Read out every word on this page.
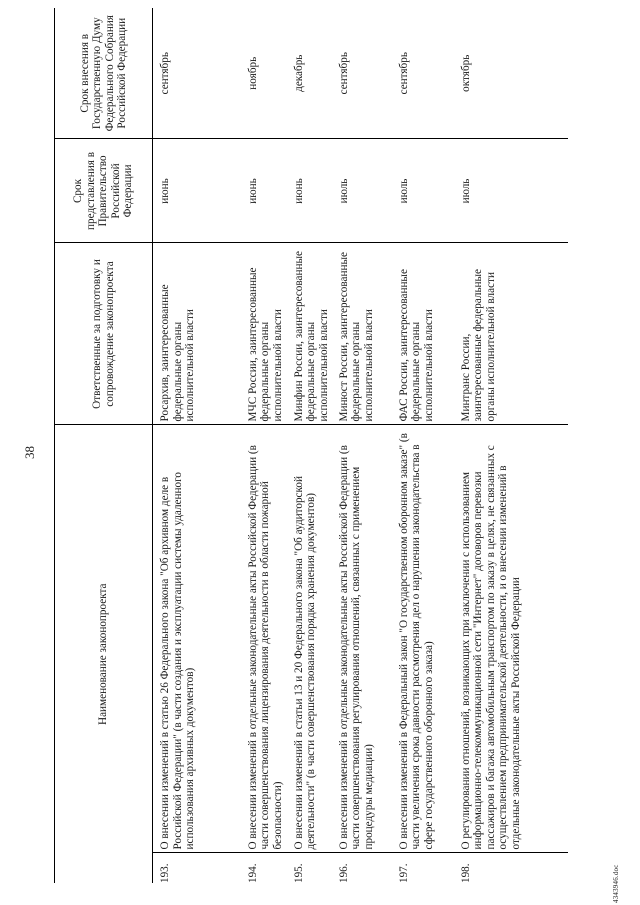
38
Наименование законопроекта		Ответственные за подготовку и сопровождение законопроекта	Срок представления в Правительство Российской Федерации	Срок внесения в Государственную Думу Федерального Собрания Российской Федерации
193.	О внесении изменений в статью 26 Федерального закона "Об архивном деле в Российской Федерации" (в части создания и эксплуатации системы удаленного использования архивных документов)	Росархив, заинтересованные федеральные органы исполнительной власти	июнь	сентябрь
194.	О внесении изменений в отдельные законодательные акты Российской Федерации (в части совершенствования лицензирования деятельности в области пожарной безопасности)	МЧС России, заинтересованные федеральные органы исполнительной власти	июнь	ноябрь
195.	О внесении изменений в статьи 13 и 20 Федерального закона "Об аудиторской деятельности" (в части совершенствования порядка хранения документов)	Минфин России, заинтересованные федеральные органы исполнительной власти	июнь	декабрь
196.	О внесении изменений в отдельные законодательные акты Российской Федерации (в части совершенствования регулирования отношений, связанных с применением процедуры медиации)	Минюст России, заинтересованные федеральные органы исполнительной власти	июль	сентябрь
197.	О внесении изменений в Федеральный закон "О государственном оборонном заказе" (в части увеличения срока давности рассмотрения дел о нарушении законодательства в сфере государственного оборонного заказа)	ФАС России, заинтересованные федеральные органы исполнительной власти	июль	сентябрь
198.	О регулировании отношений, возникающих при заключении с использованием информационно-телекоммуникационной сети "Интернет" договоров перевозки пассажиров и багажа автомобильным транспортом по заказу в целях, не связанных с осуществлением предпринимательской деятельности, и о внесении изменений в отдельные законодательные акты Российской Федерации	Минтранс России, заинтересованные федеральные органы исполнительной власти	июль	октябрь
4343946.doc
